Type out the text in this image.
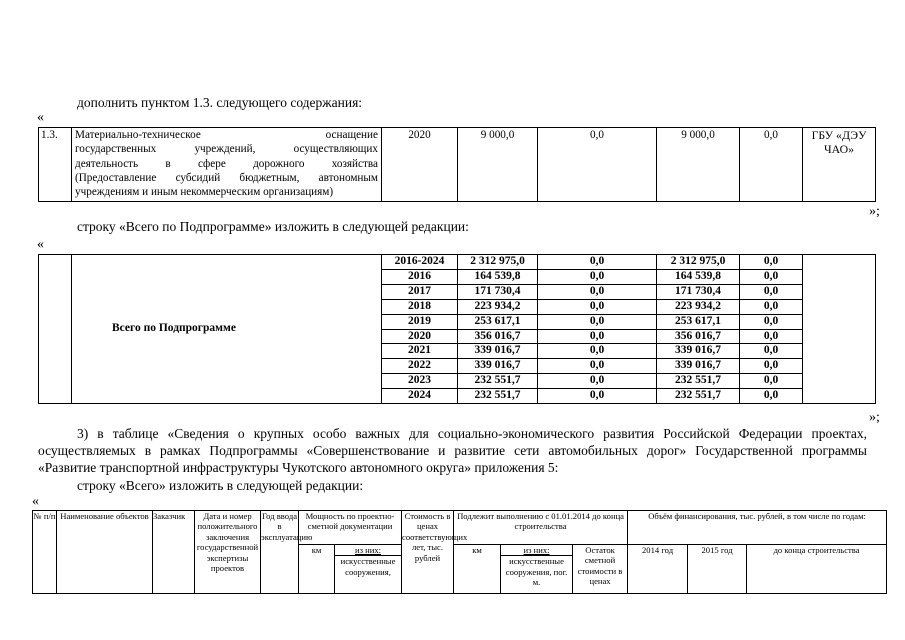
дополнить пунктом 1.3. следующего содержания:
«
1.3.	Материально-техническое оснащение
государственных учреждений, осуществляющих
деятельность в сфере дорожного хозяйства
(Предоставление субсидий бюджетным, автономным
учреждениям и иным некоммерческим организациям)
	2020	9 000,0	0,0	9 000,0	0,0	ГБУ «ДЭУ
ЧАО»
»;
строку «Всего по Подпрограмме» изложить в следующей редакции:
«
	Всего по Подпрограмме	2016-2024	2 312 975,0	0,0	2 312 975,0	0,0	
		2016	164 539,8	0,0	164 539,8	0,0	
		2017	171 730,4	0,0	171 730,4	0,0	
		2018	223 934,2	0,0	223 934,2	0,0	
		2019	253 617,1	0,0	253 617,1	0,0	
		2020	356 016,7	0,0	356 016,7	0,0	
		2021	339 016,7	0,0	339 016,7	0,0	
		2022	339 016,7	0,0	339 016,7	0,0	
		2023	232 551,7	0,0	232 551,7	0,0	
		2024	232 551,7	0,0	232 551,7	0,0	
»;
3) в таблице «Сведения о крупных особо важных для социально-экономического развития Российской Федерации проектах, осуществляемых в рамках Подпрограммы «Совершенствование и развитие сети автомобильных дорог» Государственной программы «Развитие транспортной инфраструктуры Чукотского автономного округа» приложения 5:
строку «Всего» изложить в следующей редакции:
«
№ п/п	Наименование объектов	Заказчик	Дата и номер положительного заключения государственной экспертизы проектов	Год ввода в эксплуатацию	Мощность по проектно-сметной документации		Стоимость в ценах соответствующих лет, тыс. рублей	Подлежит выполнению с 01.01.2014 до конца строительства			Объём финансирования, тыс. рублей, в том числе по годам:		
					км	из них:		км	из них:	Остаток сметной стоимости в ценах	2014 год	2015 год	до конца строительства
						искусственные сооружения,			искусственные сооружения, пог. м.				
